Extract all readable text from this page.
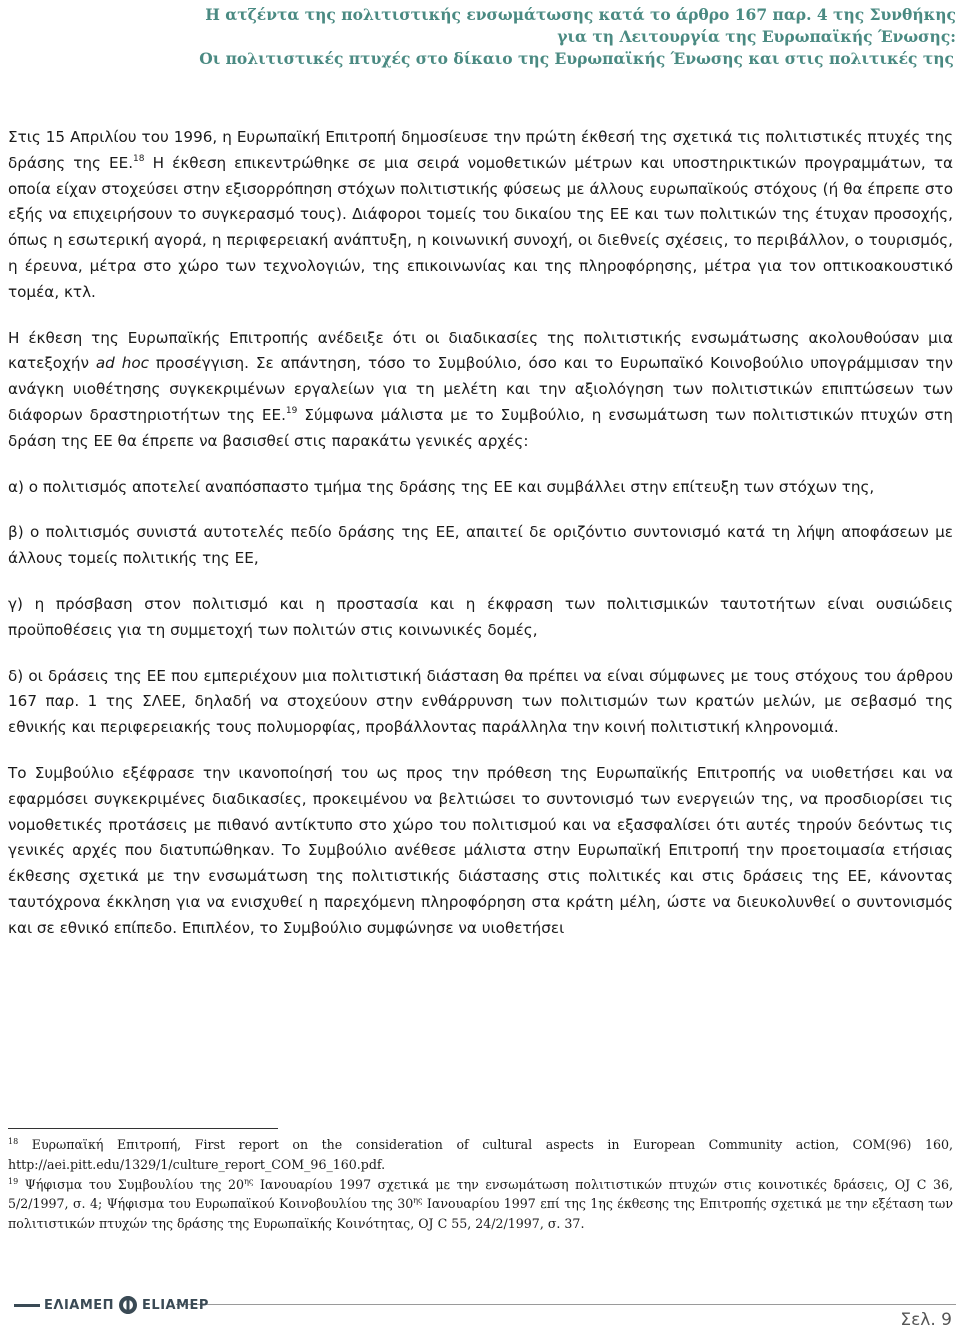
Η ατζέντα της πολιτιστικής ενσωμάτωσης κατά το άρθρο 167 παρ. 4 της Συνθήκης
για τη Λειτουργία της Ευρωπαϊκής Ένωσης:
Οι πολιτιστικές πτυχές στο δίκαιο της Ευρωπαϊκής Ένωσης και στις πολιτικές της

Στις 15 Απριλίου του 1996, η Ευρωπαϊκή Επιτροπή δημοσίευσε την πρώτη έκθεσή της σχετικά τις πολιτιστικές πτυχές της δράσης της ΕΕ.$^{18}$ Η έκθεση επικεντρώθηκε σε μια σειρά νομοθετικών μέτρων και υποστηρικτικών προγραμμάτων, τα οποία είχαν στοχεύσει στην εξισορρόπηση στόχων πολιτιστικής φύσεως με άλλους ευρωπαϊκούς στόχους (ή θα έπρεπε στο εξής να επιχειρήσουν το συγκερασμό τους). Διάφοροι τομείς του δικαίου της ΕΕ και των πολιτικών της έτυχαν προσοχής, όπως η εσωτερική αγορά, η περιφερειακή ανάπτυξη, η κοινωνική συνοχή, οι διεθνείς σχέσεις, το περιβάλλον, ο τουρισμός, η έρευνα, μέτρα στο χώρο των τεχνολογιών, της επικοινωνίας και της πληροφόρησης, μέτρα για τον οπτικοακουστικό τομέα, κτλ.

Η έκθεση της Ευρωπαϊκής Επιτροπής ανέδειξε ότι οι διαδικασίες της πολιτιστικής ενσωμάτωσης ακολουθούσαν μια κατεξοχήν ad hoc προσέγγιση. Σε απάντηση, τόσο το Συμβούλιο, όσο και το Ευρωπαϊκό Κοινοβούλιο υπογράμμισαν την ανάγκη υιοθέτησης συγκεκριμένων εργαλείων για τη μελέτη και την αξιολόγηση των πολιτιστικών επιπτώσεων των διάφορων δραστηριοτήτων της ΕΕ.$^{19}$ Σύμφωνα μάλιστα με το Συμβούλιο, η ενσωμάτωση των πολιτιστικών πτυχών στη δράση της ΕΕ θα έπρεπε να βασισθεί στις παρακάτω γενικές αρχές:

α) ο πολιτισμός αποτελεί αναπόσπαστο τμήμα της δράσης της ΕΕ και συμβάλλει στην επίτευξη των στόχων της,

β) ο πολιτισμός συνιστά αυτοτελές πεδίο δράσης της ΕΕ, απαιτεί δε οριζόντιο συντονισμό κατά τη λήψη αποφάσεων με άλλους τομείς πολιτικής της ΕΕ,

γ) η πρόσβαση στον πολιτισμό και η προστασία και η έκφραση των πολιτισμικών ταυτοτήτων είναι ουσιώδεις προϋποθέσεις για τη συμμετοχή των πολιτών στις κοινωνικές δομές,

δ) οι δράσεις της ΕΕ που εμπεριέχουν μια πολιτιστική διάσταση θα πρέπει να είναι σύμφωνες με τους στόχους του άρθρου 167 παρ. 1 της ΣΛΕΕ, δηλαδή να στοχεύουν στην ενθάρρυνση των πολιτισμών των κρατών μελών, με σεβασμό της εθνικής και περιφερειακής τους πολυμορφίας, προβάλλοντας παράλληλα την κοινή πολιτιστική κληρονομιά.

Το Συμβούλιο εξέφρασε την ικανοποίησή του ως προς την πρόθεση της Ευρωπαϊκής Επιτροπής να υιοθετήσει και να εφαρμόσει συγκεκριμένες διαδικασίες, προκειμένου να βελτιώσει το συντονισμό των ενεργειών της, να προσδιορίσει τις νομοθετικές προτάσεις με πιθανό αντίκτυπο στο χώρο του πολιτισμού και να εξασφαλίσει ότι αυτές τηρούν δεόντως τις γενικές αρχές που διατυπώθηκαν. Το Συμβούλιο ανέθεσε μάλιστα στην Ευρωπαϊκή Επιτροπή την προετοιμασία ετήσιας έκθεσης σχετικά με την ενσωμάτωση της πολιτιστικής διάστασης στις πολιτικές και στις δράσεις της ΕΕ, κάνοντας ταυτόχρονα έκκληση για να ενισχυθεί η παρεχόμενη πληροφόρηση στα κράτη μέλη, ώστε να διευκολυνθεί ο συντονισμός και σε εθνικό επίπεδο. Επιπλέον, το Συμβούλιο συμφώνησε να υιοθετήσει

$^{18}$ Ευρωπαϊκή Επιτροπή, First report on the consideration of cultural aspects in European Community action, COM(96) 160, http://aei.pitt.edu/1329/1/culture_report_COM_96_160.pdf.

$^{19}$ Ψήφισμα του Συμβουλίου της $20^{\eta\varsigma}$ Ιανουαρίου 1997 σχετικά με την ενσωμάτωση πολιτιστικών πτυχών στις κοινοτικές δράσεις, OJ C 36, 5/2/1997, σ. 4; Ψήφισμα του Ευρωπαϊκού Κοινοβουλίου της $30^{\eta\varsigma}$ Ιανουαρίου 1997 επί της 1ης έκθεσης της Επιτροπής σχετικά με την εξέταση των πολιτιστικών πτυχών της δράσης της Ευρωπαϊκής Κοινότητας, OJ C 55, 24/2/1997, σ. 37.

ΕΛΙΑΜΕΠ ELIAMEP
Σελ. 9
